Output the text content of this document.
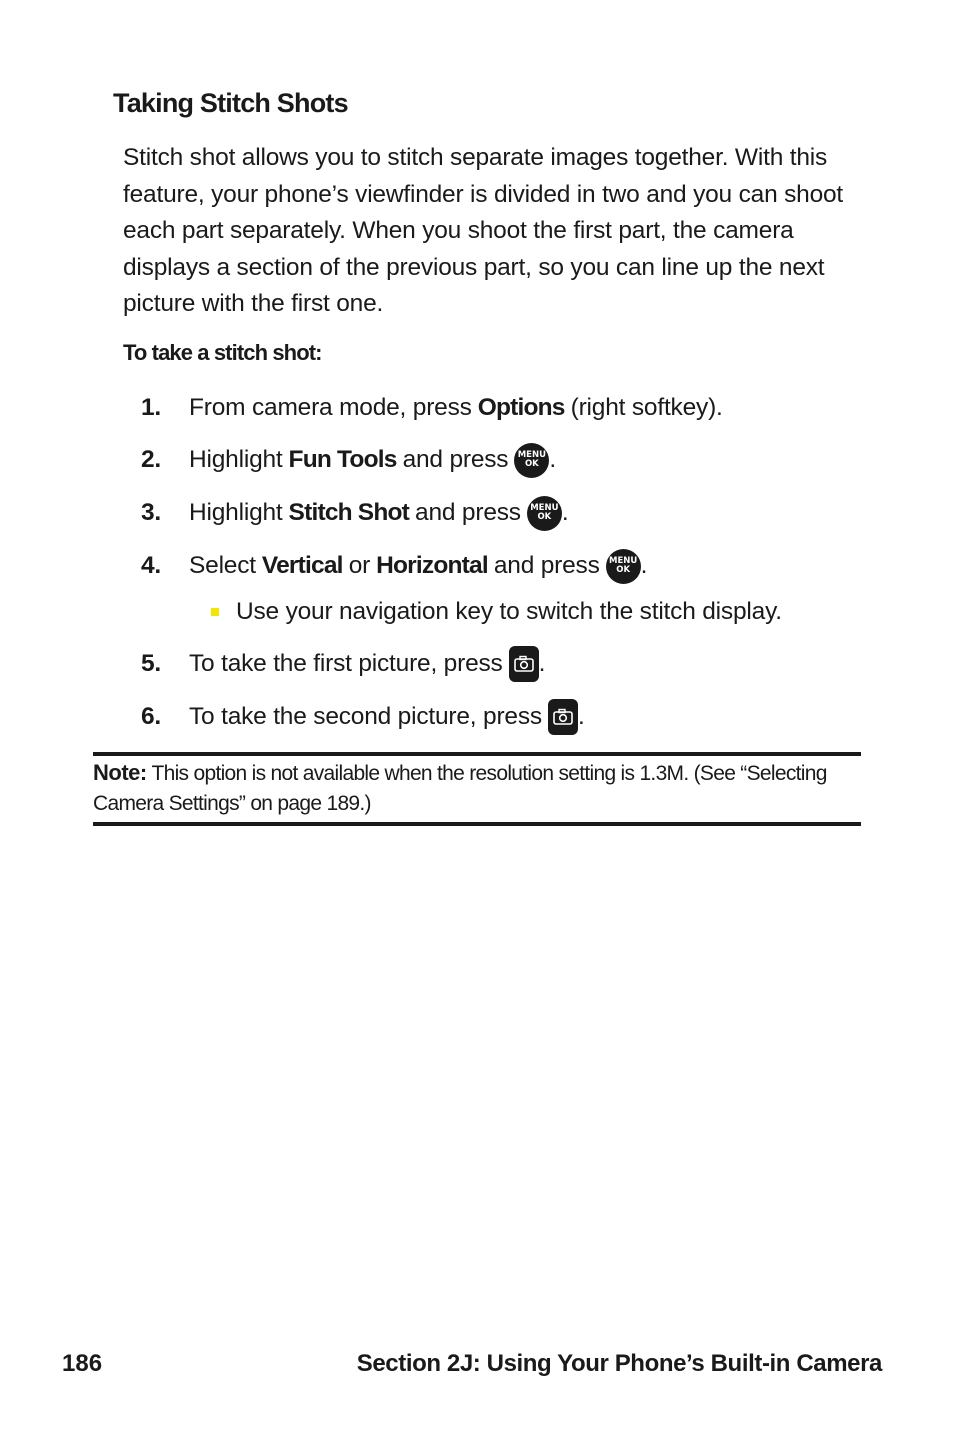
Taking Stitch Shots

Stitch shot allows you to stitch separate images together. With this feature, your phone’s viewfinder is divided in two and you can shoot each part separately. When you shoot the first part, the camera displays a section of the previous part, so you can line up the next picture with the first one.

To take a stitch shot:

1.	From camera mode, press Options (right softkey).
2.	Highlight Fun Tools and press MENU
OK .
3.	Highlight Stitch Shot and press MENU
OK .
4.	Select Vertical or Horizontal and press MENU
OK .
Use your navigation key to switch the stitch display.
5.	To take the first picture, press .
6.	To take the second picture, press .

Note: This option is not available when the resolution setting is 1.3M. (See “Selecting Camera Settings” on page 189.)

186	Section 2J: Using Your Phone’s Built-in Camera
